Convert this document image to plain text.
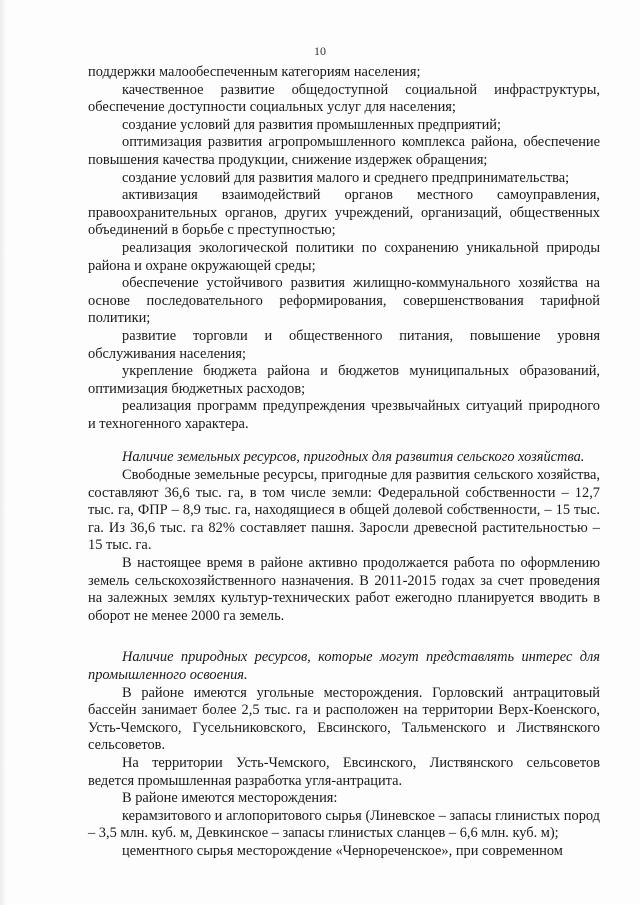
10

поддержки малообеспеченным категориям населения;

качественное развитие общедоступной социальной инфраструктуры, обеспечение доступности социальных услуг для населения;

создание условий для развития промышленных предприятий;

оптимизация развития агропромышленного комплекса района, обеспечение повышения качества продукции, снижение издержек обращения;

создание условий для развития малого и среднего предпринимательства;

активизация взаимодействий органов местного самоуправления, правоохранительных органов, других учреждений, организаций, общественных объединений в борьбе с преступностью;

реализация экологической политики по сохранению уникальной природы района и охране окружающей среды;

обеспечение устойчивого развития жилищно-коммунального хозяйства на основе последовательного реформирования, совершенствования тарифной политики;

развитие торговли и общественного питания, повышение уровня обслуживания населения;

укрепление бюджета района и бюджетов муниципальных образований, оптимизация бюджетных расходов;

реализация программ предупреждения чрезвычайных ситуаций природного и техногенного характера.

Наличие земельных ресурсов, пригодных для развития сельского хозяйства.

Свободные земельные ресурсы, пригодные для развития сельского хозяйства, составляют 36,6 тыс. га, в том числе земли: Федеральной собственности – 12,7 тыс. га, ФПР – 8,9 тыс. га, находящиеся в общей долевой собственности, – 15 тыс. га. Из 36,6 тыс. га 82% составляет пашня. Заросли древесной растительностью – 15 тыс. га.

В настоящее время в районе активно продолжается работа по оформлению земель сельскохозяйственного назначения. В 2011-2015 годах за счет проведения на залежных землях культур-технических работ ежегодно планируется вводить в оборот не менее 2000 га земель.

Наличие природных ресурсов, которые могут представлять интерес для промышленного освоения.

В районе имеются угольные месторождения. Горловский антрацитовый бассейн занимает более 2,5 тыс. га и расположен на территории Верх-Коенского, Усть-Чемского, Гусельниковского, Евсинского, Тальменского и Листвянского сельсоветов.

На территории Усть-Чемского, Евсинского, Листвянского сельсоветов ведется промышленная разработка угля-антрацита.

В районе имеются месторождения:

керамзитового и аглопоритового сырья (Линевское – запасы глинистых пород – 3,5 млн. куб. м, Девкинское – запасы глинистых сланцев – 6,6 млн. куб. м);

цементного сырья месторождение «Чернореченское», при современном
